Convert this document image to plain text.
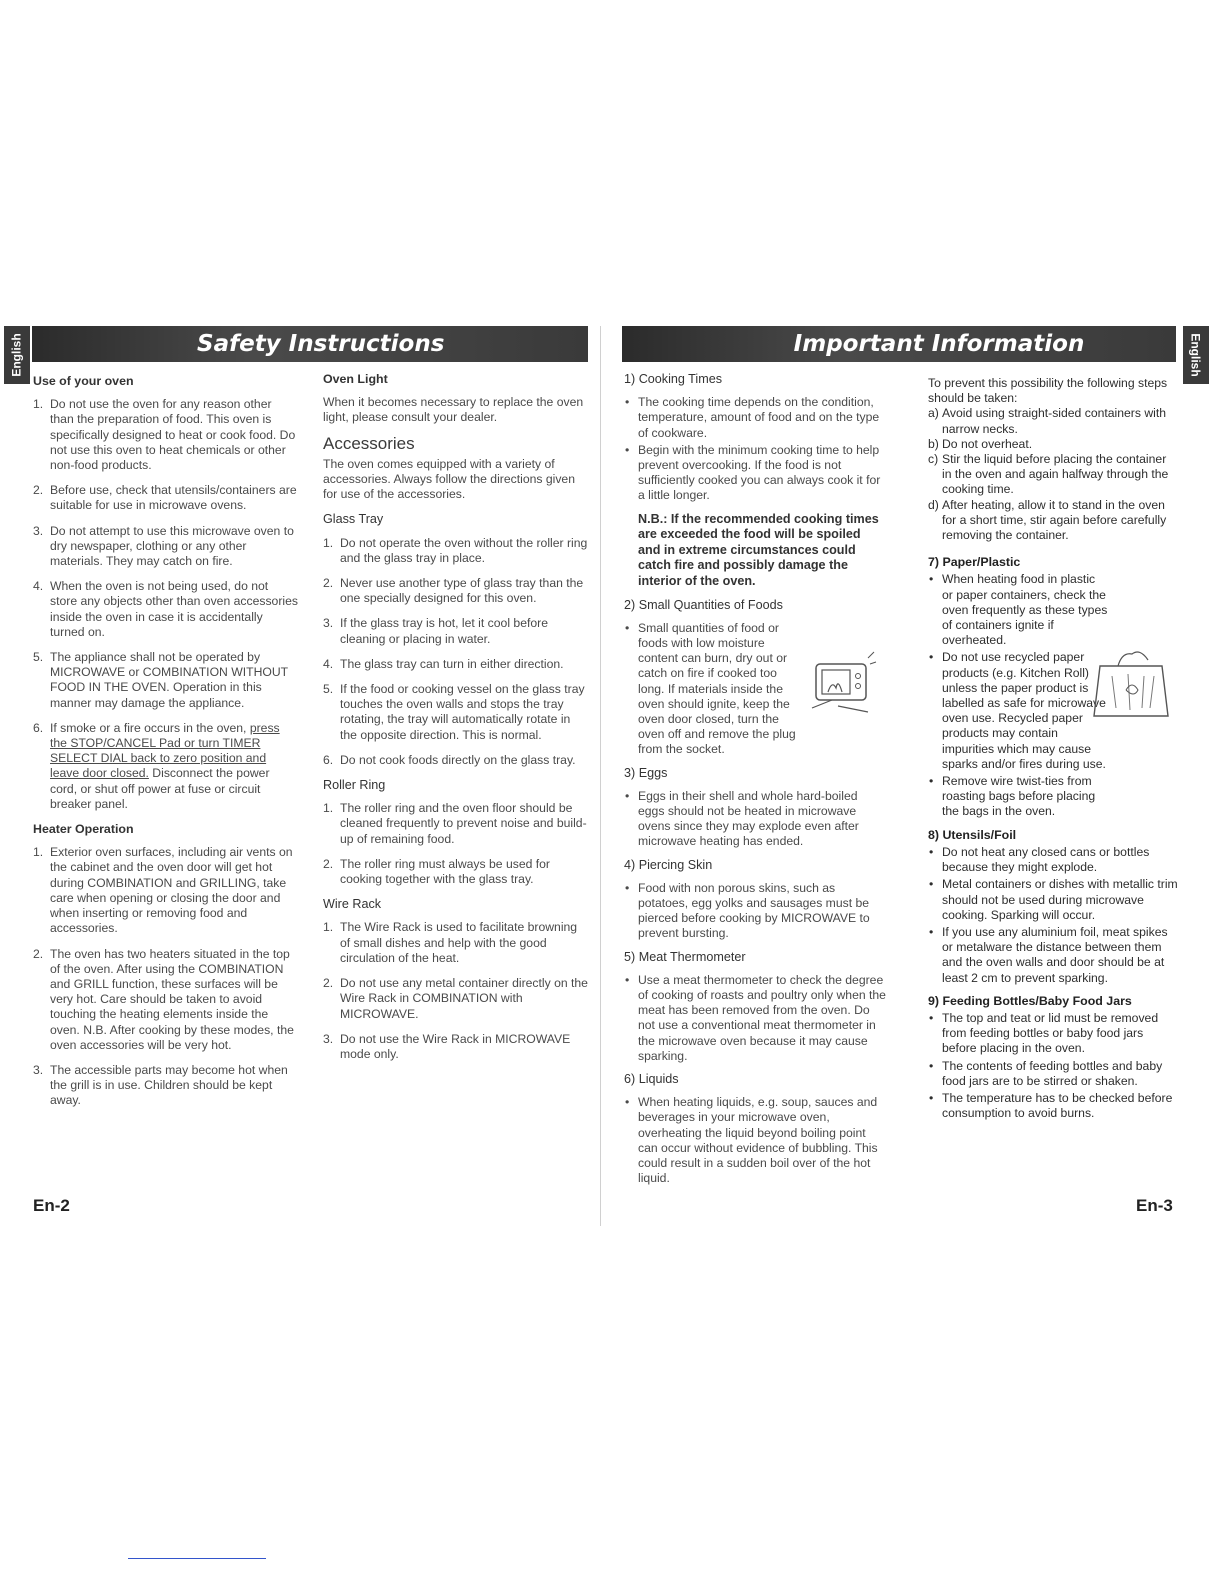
English	Safety Instructions
Use of your oven
1. Do not use the oven for any reason other than the preparation of food. This oven is specifically designed to heat or cook food. Do not use this oven to heat chemicals or other non-food products.
2. Before use, check that utensils/containers are suitable for use in microwave ovens.
3. Do not attempt to use this microwave oven to dry newspaper, clothing or any other materials. They may catch on fire.
4. When the oven is not being used, do not store any objects other than oven accessories inside the oven in case it is accidentally turned on.
5. The appliance shall not be operated by MICROWAVE or COMBINATION WITHOUT FOOD IN THE OVEN. Operation in this manner may damage the appliance.
6. If smoke or a fire occurs in the oven, press the STOP/CANCEL Pad or turn TIMER SELECT DIAL back to zero position and leave door closed. Disconnect the power cord, or shut off power at fuse or circuit breaker panel.
Heater Operation
1. Exterior oven surfaces, including air vents on the cabinet and the oven door will get hot during COMBINATION and GRILLING, take care when opening or closing the door and when inserting or removing food and accessories.
2. The oven has two heaters situated in the top of the oven. After using the COMBINATION and GRILL function, these surfaces will be very hot. Care should be taken to avoid touching the heating elements inside the oven. N.B. After cooking by these modes, the oven accessories will be very hot.
3. The accessible parts may become hot when the grill is in use. Children should be kept away.
Oven Light

When it becomes necessary to replace the oven light, please consult your dealer.

Accessories

The oven comes equipped with a variety of accessories. Always follow the directions given for use of the accessories.

Glass Tray
1. Do not operate the oven without the roller ring and the glass tray in place.
2. Never use another type of glass tray than the one specially designed for this oven.
3. If the glass tray is hot, let it cool before cleaning or placing in water.
4. The glass tray can turn in either direction.
5. If the food or cooking vessel on the glass tray touches the oven walls and stops the tray rotating, the tray will automatically rotate in the opposite direction. This is normal.
6. Do not cook foods directly on the glass tray.
Roller Ring
1. The roller ring and the oven floor should be cleaned frequently to prevent noise and build-up of remaining food.
2. The roller ring must always be used for cooking together with the glass tray.
Wire Rack
1. The Wire Rack is used to facilitate browning of small dishes and help with the good circulation of the heat.
2. Do not use any metal container directly on the Wire Rack in COMBINATION with MICROWAVE.
3. Do not use the Wire Rack in MICROWAVE mode only.
En-2
Important Information	English
1) Cooking Times
• The cooking time depends on the condition, temperature, amount of food and on the type of cookware.
• Begin with the minimum cooking time to help prevent overcooking. If the food is not sufficiently cooked you can always cook it for a little longer.
N.B.: If the recommended cooking times are exceeded the food will be spoiled and in extreme circumstances could catch fire and possibly damage the interior of the oven.
2) Small Quantities of Foods
• Small quantities of food or foods with low moisture content can burn, dry out or catch on fire if cooked too long. If materials inside the oven should ignite, keep the oven door closed, turn the oven off and remove the plug from the socket.
3) Eggs
• Eggs in their shell and whole hard-boiled eggs should not be heated in microwave ovens since they may explode even after microwave heating has ended.
4) Piercing Skin
• Food with non porous skins, such as potatoes, egg yolks and sausages must be pierced before cooking by MICROWAVE to prevent bursting.
5) Meat Thermometer
• Use a meat thermometer to check the degree of cooking of roasts and poultry only when the meat has been removed from the oven. Do not use a conventional meat thermometer in the microwave oven because it may cause sparking.
6) Liquids
• When heating liquids, e.g. soup, sauces and beverages in your microwave oven, overheating the liquid beyond boiling point can occur without evidence of bubbling. This could result in a sudden boil over of the hot liquid.

To prevent this possibility the following steps should be taken:

a) Avoid using straight-sided containers with narrow necks.
b) Do not overheat.
c) Stir the liquid before placing the container in the oven and again halfway through the cooking time.
d) After heating, allow it to stand in the oven for a short time, stir again before carefully removing the container.
7) Paper/Plastic
• When heating food in plastic or paper containers, check the oven frequently as these types of containers ignite if overheated.
• Do not use recycled paper products (e.g. Kitchen Roll) unless the paper product is labelled as safe for microwave oven use. Recycled paper products may contain impurities which may cause sparks and/or fires during use.
• Remove wire twist-ties from roasting bags before placing the bags in the oven.
8) Utensils/Foil
• Do not heat any closed cans or bottles because they might explode.
• Metal containers or dishes with metallic trim should not be used during microwave cooking. Sparking will occur.
• If you use any aluminium foil, meat spikes or metalware the distance between them and the oven walls and door should be at least 2 cm to prevent sparking.
9) Feeding Bottles/Baby Food Jars
• The top and teat or lid must be removed from feeding bottles or baby food jars before placing in the oven.
• The contents of feeding bottles and baby food jars are to be stirred or shaken.
• The temperature has to be checked before consumption to avoid burns.
En-3
